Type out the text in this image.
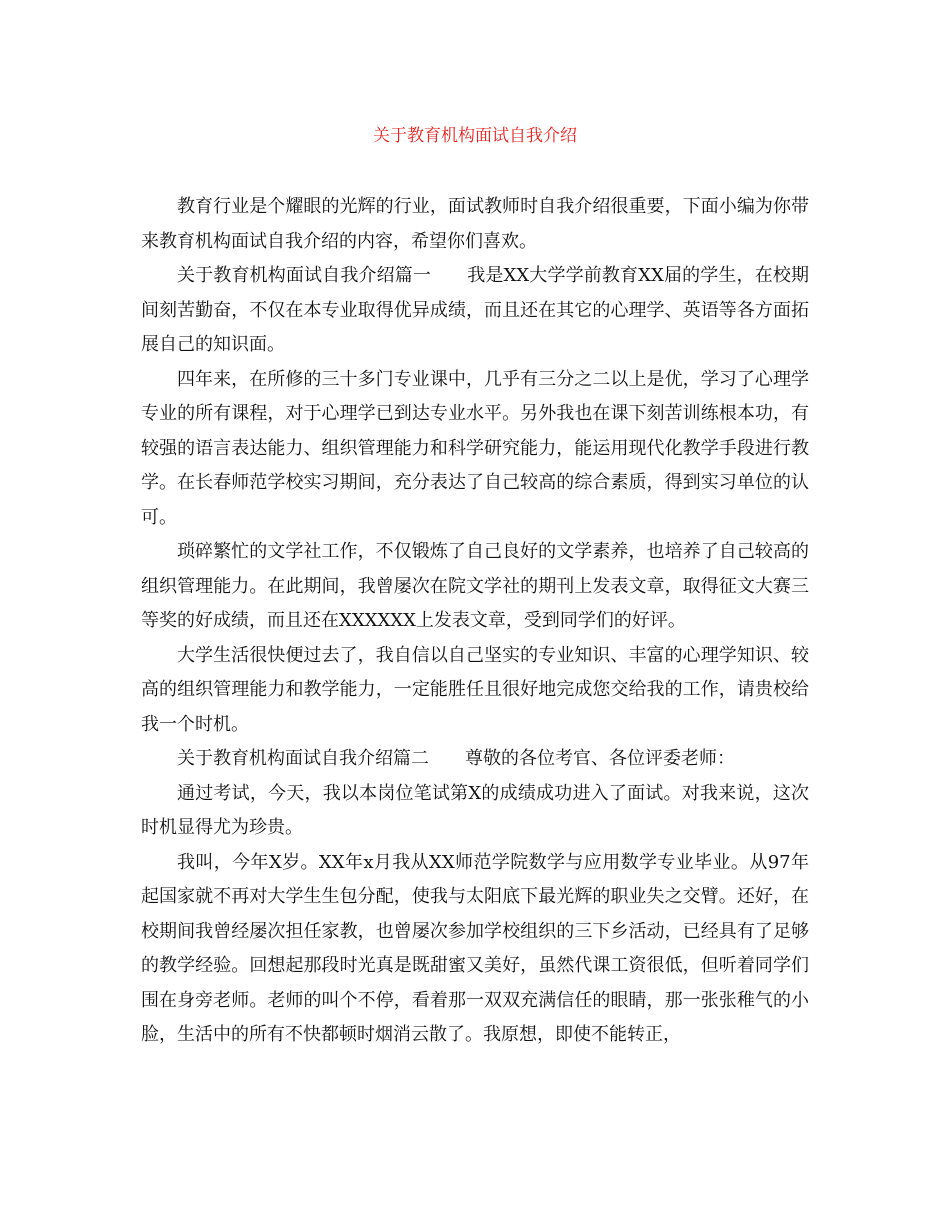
关于教育机构面试自我介绍

教育行业是个耀眼的光辉的行业，面试教师时自我介绍很重要，下面小编为你带来教育机构面试自我介绍的内容，希望你们喜欢。

关于教育机构面试自我介绍篇一 我是XX大学学前教育XX届的学生，在校期间刻苦勤奋，不仅在本专业取得优异成绩，而且还在其它的心理学、英语等各方面拓展自己的知识面。

四年来，在所修的三十多门专业课中，几乎有三分之二以上是优，学习了心理学专业的所有课程，对于心理学已到达专业水平。另外我也在课下刻苦训练根本功，有较强的语言表达能力、组织管理能力和科学研究能力，能运用现代化教学手段进行教学。在长春师范学校实习期间，充分表达了自己较高的综合素质，得到实习单位的认可。

琐碎繁忙的文学社工作，不仅锻炼了自己良好的文学素养，也培养了自己较高的组织管理能力。在此期间，我曾屡次在院文学社的期刊上发表文章，取得征文大赛三等奖的好成绩，而且还在XXXXXX上发表文章，受到同学们的好评。

大学生活很快便过去了，我自信以自己坚实的专业知识、丰富的心理学知识、较高的组织管理能力和教学能力，一定能胜任且很好地完成您交给我的工作，请贵校给我一个时机。

关于教育机构面试自我介绍篇二 尊敬的各位考官、各位评委老师：

通过考试，今天，我以本岗位笔试第X的成绩成功进入了面试。对我来说，这次时机显得尤为珍贵。

我叫，今年X岁。XX年x月我从XX师范学院数学与应用数学专业毕业。从97年起国家就不再对大学生生包分配，使我与太阳底下最光辉的职业失之交臂。还好，在校期间我曾经屡次担任家教，也曾屡次参加学校组织的三下乡活动，已经具有了足够的教学经验。回想起那段时光真是既甜蜜又美好，虽然代课工资很低，但听着同学们围在身旁老师。老师的叫个不停，看着那一双双充满信任的眼睛，那一张张稚气的小脸，生活中的所有不快都顿时烟消云散了。我原想，即使不能转正，
